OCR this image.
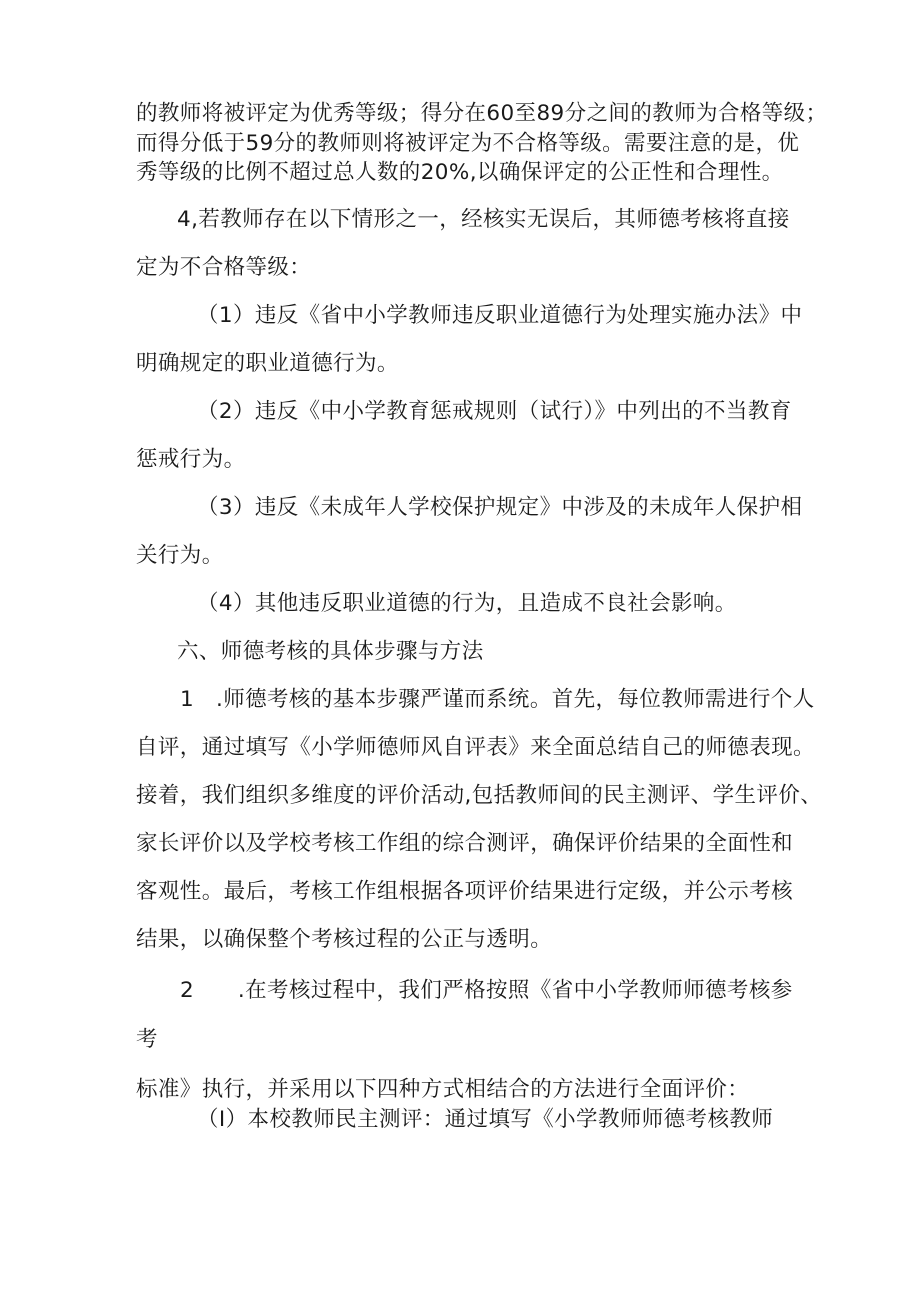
的教师将被评定为优秀等级；得分在60至89分之间的教师为合格等级；

而得分低于59分的教师则将被评定为不合格等级。需要注意的是，优

秀等级的比例不超过总人数的20%,以确保评定的公正性和合理性。

4,若教师存在以下情形之一，经核实无误后，其师德考核将直接

定为不合格等级：

（1）违反《省中小学教师违反职业道德行为处理实施办法》中

明确规定的职业道德行为。

（2）违反《中小学教育惩戒规则（试行）》中列出的不当教育

惩戒行为。

（3）违反《未成年人学校保护规定》中涉及的未成年人保护相

关行为。

（4）其他违反职业道德的行为，且造成不良社会影响。

六、师德考核的具体步骤与方法

1　.师德考核的基本步骤严谨而系统。首先，每位教师需进行个人

自评，通过填写《小学师德师风自评表》来全面总结自己的师德表现。

接着，我们组织多维度的评价活动,包括教师间的民主测评、学生评价、

家长评价以及学校考核工作组的综合测评，确保评价结果的全面性和

客观性。最后，考核工作组根据各项评价结果进行定级，并公示考核

结果，以确保整个考核过程的公正与透明。

2　　.在考核过程中，我们严格按照《省中小学教师师德考核参

考

标准》执行，并采用以下四种方式相结合的方法进行全面评价：

（I）本校教师民主测评：通过填写《小学教师师德考核教师
